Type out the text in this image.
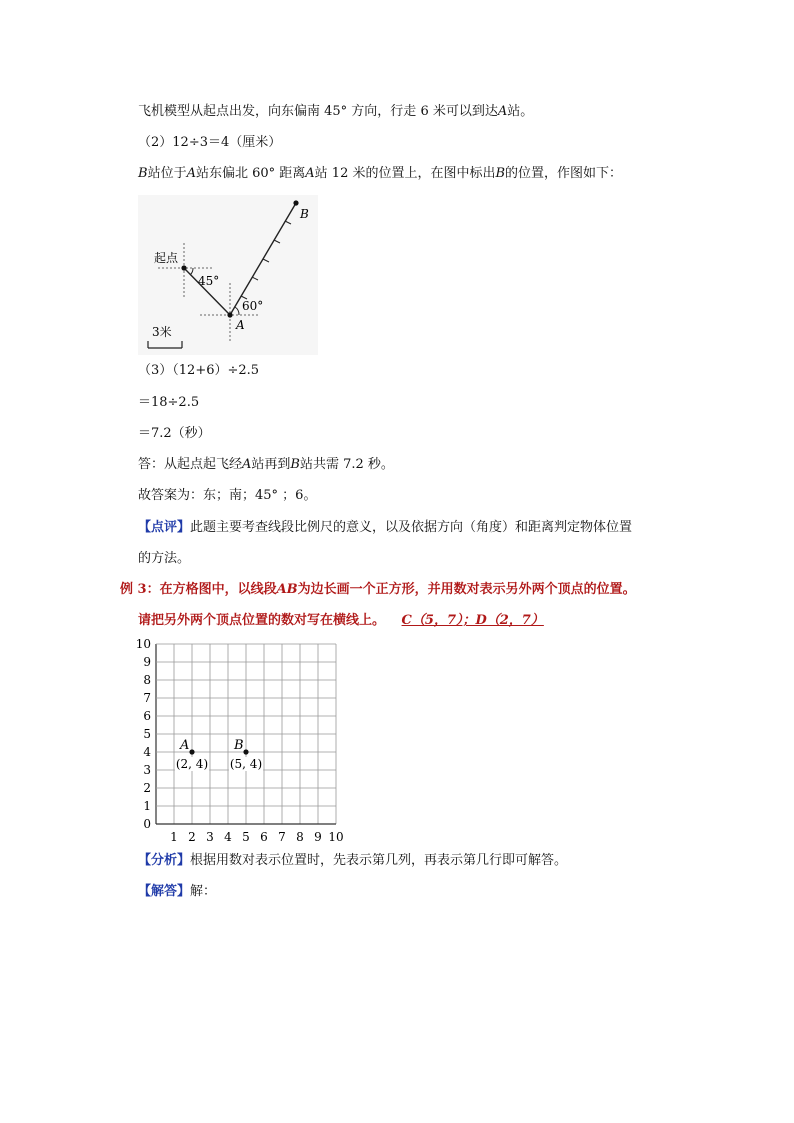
飞机模型从起点出发，向东偏南 45° 方向，行走 6 米可以到达A站。
（2）12÷3＝4（厘米）
B站位于A站东偏北 60° 距离A站 12 米的位置上，在图中标出B的位置，作图如下：
起点
45°
60°
A
B
3米
（3）（12+6）÷2.5
＝18÷2.5
＝7.2（秒）
答：从起点起飞经A站再到B站共需 7.2 秒。
故答案为：东；南；45° ；6。
【点评】此题主要考查线段比例尺的意义，以及依据方向（角度）和距离判定物体位置
的方法。
例 3：在方格图中，以线段AB为边长画一个正方形，并用数对表示另外两个顶点的位置。
请把另外两个顶点位置的数对写在横线上。 C（5，7）；D（2，7）
1 2 3 4 5 6 7 8 9 10
0
1
2
3
4
5
6
7
8
9
10
A
(2, 4)
B
(5, 4)
【分析】根据用数对表示位置时，先表示第几列，再表示第几行即可解答。
【解答】解：
